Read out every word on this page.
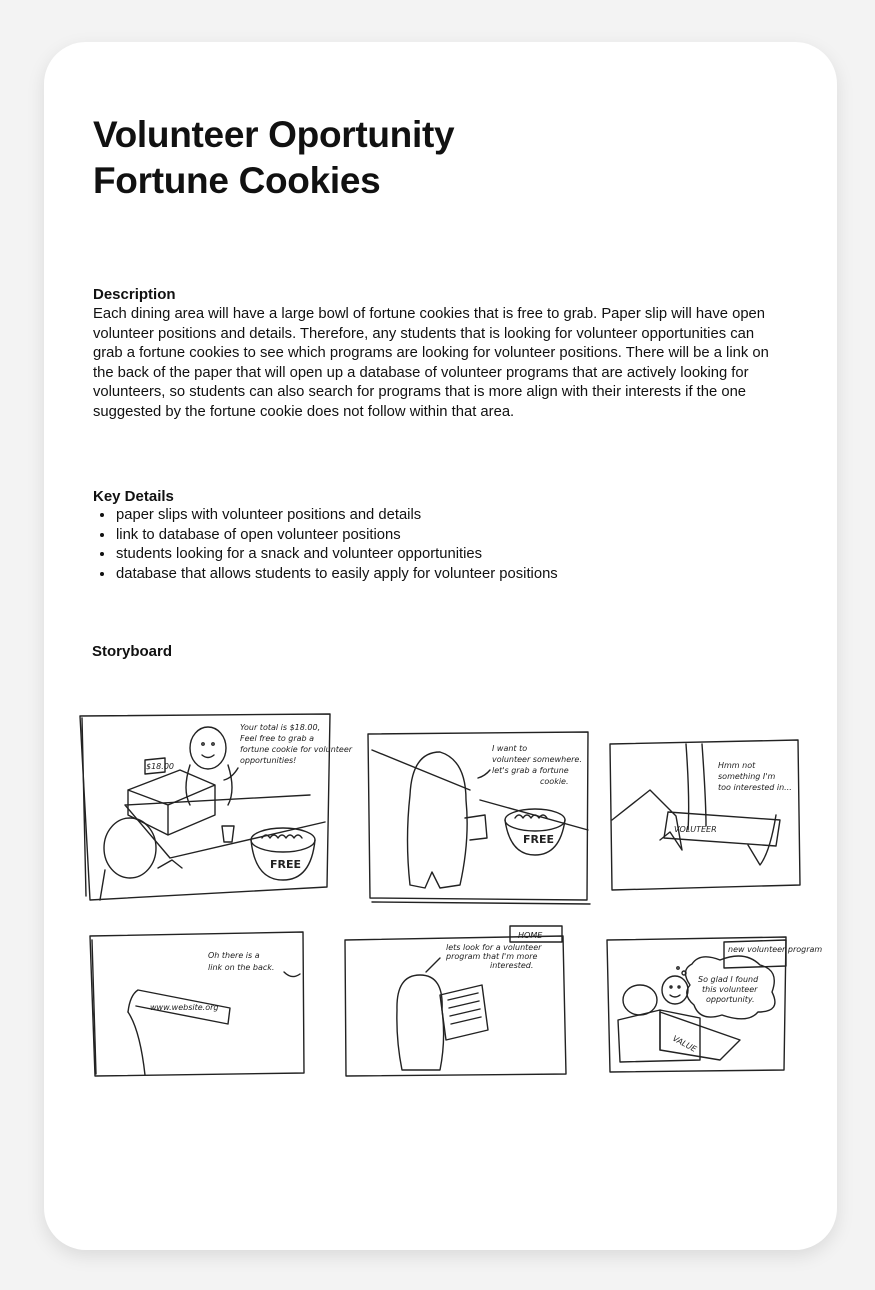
Volunteer Oportunity
Fortune Cookies
Description

Each dining area will have a large bowl of fortune cookies that is free to grab. Paper slip will have open volunteer positions and details. Therefore, any students that is looking for volunteer opportunities can grab a fortune cookies to see which programs are looking for volunteer positions. There will be a link on the back of the paper that will open up a database of volunteer programs that are actively looking for volunteers, so students can also search for programs that is more align with their interests if the one suggested by the fortune cookie does not follow within that area.

Key Details
• paper slips with volunteer positions and details
• link to database of open volunteer positions
• students looking for a snack and volunteer opportunities
• database that allows students to easily apply for volunteer positions
Storyboard
$18.00
FREE
Your total is $18.00,
Feel free to grab a
fortune cookie for volunteer
opportunities!
FREE
I want to
volunteer somewhere.
let's grab a fortune
cookie.
VOLUTEER
Hmm not
something I'm
too interested in...
www.website.org
Oh there is a
link on the back.
HOME
lets look for a volunteer
program that I'm more
interested.
new volunteer program
So glad I found
this volunteer
opportunity.
VALUE
